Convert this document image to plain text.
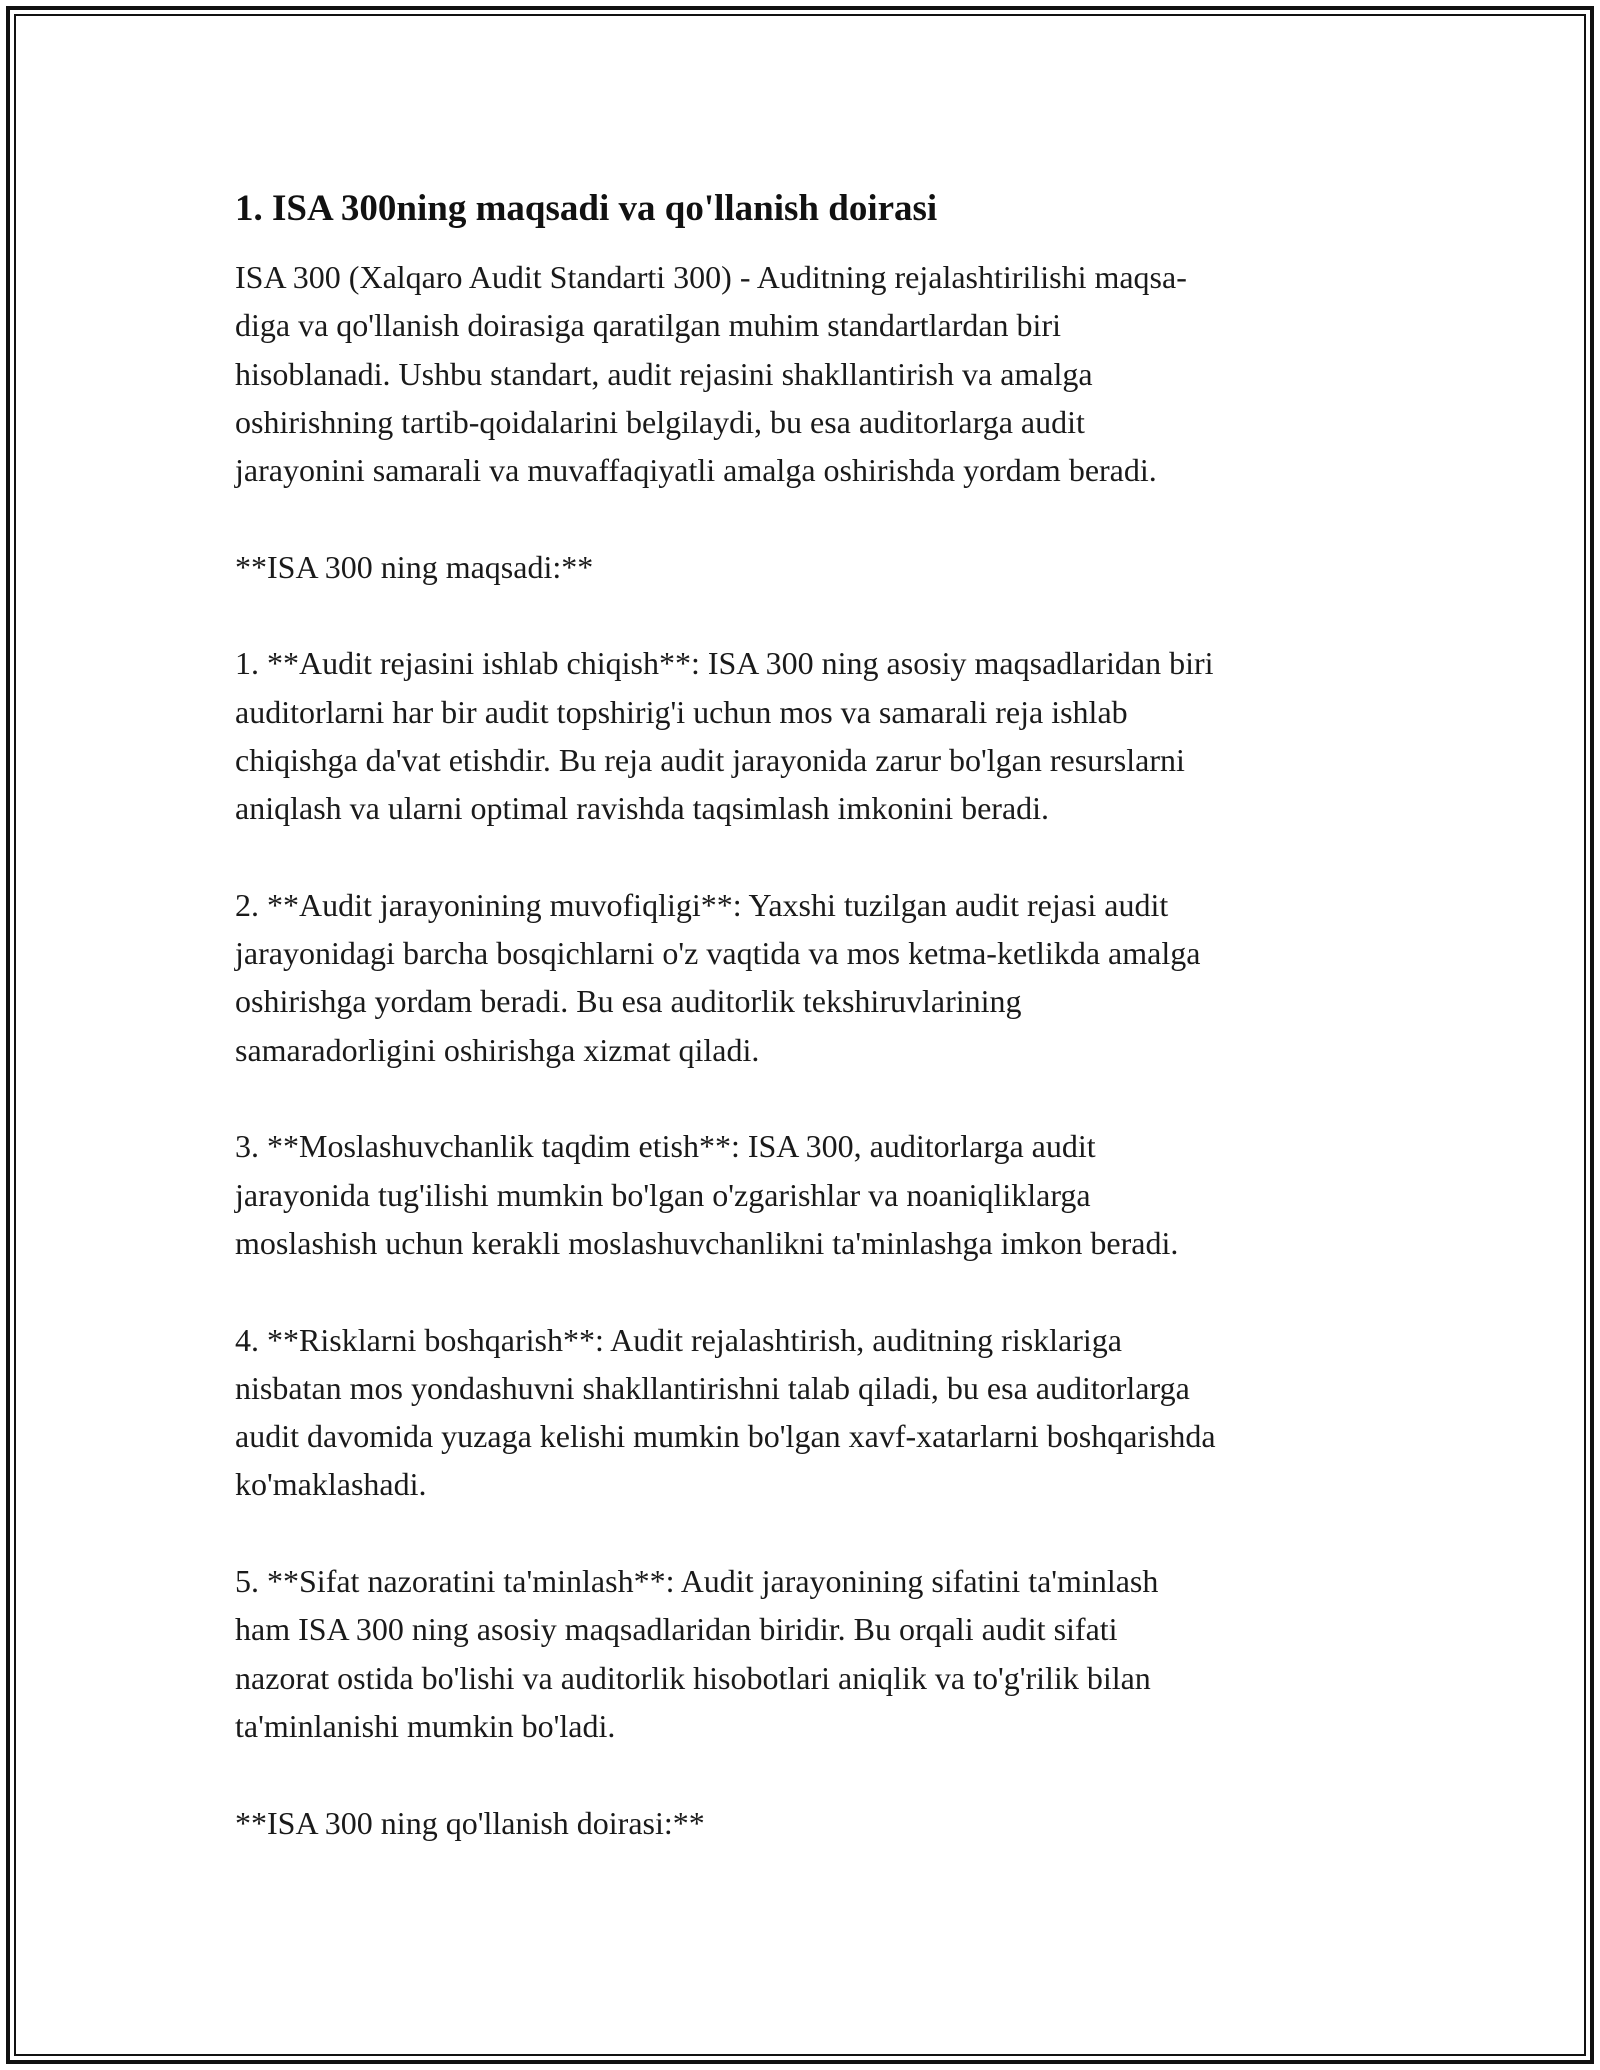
1. ISA 300ning maqsadi va qo'llanish doirasi

ISA 300 (Xalqaro Audit Standarti 300) - Auditning rejalashtirilishi maqsa-
diga va qo'llanish doirasiga qaratilgan muhim standartlardan biri
hisoblanadi. Ushbu standart, audit rejasini shakllantirish va amalga
oshirishning tartib-qoidalarini belgilaydi, bu esa auditorlarga audit
jarayonini samarali va muvaffaqiyatli amalga oshirishda yordam beradi.

**ISA 300 ning maqsadi:**

1. **Audit rejasini ishlab chiqish**: ISA 300 ning asosiy maqsadlaridan biri
auditorlarni har bir audit topshirig'i uchun mos va samarali reja ishlab
chiqishga da'vat etishdir. Bu reja audit jarayonida zarur bo'lgan resurslarni
aniqlash va ularni optimal ravishda taqsimlash imkonini beradi.

2. **Audit jarayonining muvofiqligi**: Yaxshi tuzilgan audit rejasi audit
jarayonidagi barcha bosqichlarni o'z vaqtida va mos ketma-ketlikda amalga
oshirishga yordam beradi. Bu esa auditorlik tekshiruvlarining
samaradorligini oshirishga xizmat qiladi.

3. **Moslashuvchanlik taqdim etish**: ISA 300, auditorlarga audit
jarayonida tug'ilishi mumkin bo'lgan o'zgarishlar va noaniqliklarga
moslashish uchun kerakli moslashuvchanlikni ta'minlashga imkon beradi.

4. **Risklarni boshqarish**: Audit rejalashtirish, auditning risklariga
nisbatan mos yondashuvni shakllantirishni talab qiladi, bu esa auditorlarga
audit davomida yuzaga kelishi mumkin bo'lgan xavf-xatarlarni boshqarishda
ko'maklashadi.

5. **Sifat nazoratini ta'minlash**: Audit jarayonining sifatini ta'minlash
ham ISA 300 ning asosiy maqsadlaridan biridir. Bu orqali audit sifati
nazorat ostida bo'lishi va auditorlik hisobotlari aniqlik va to'g'rilik bilan
ta'minlanishi mumkin bo'ladi.

**ISA 300 ning qo'llanish doirasi:**
